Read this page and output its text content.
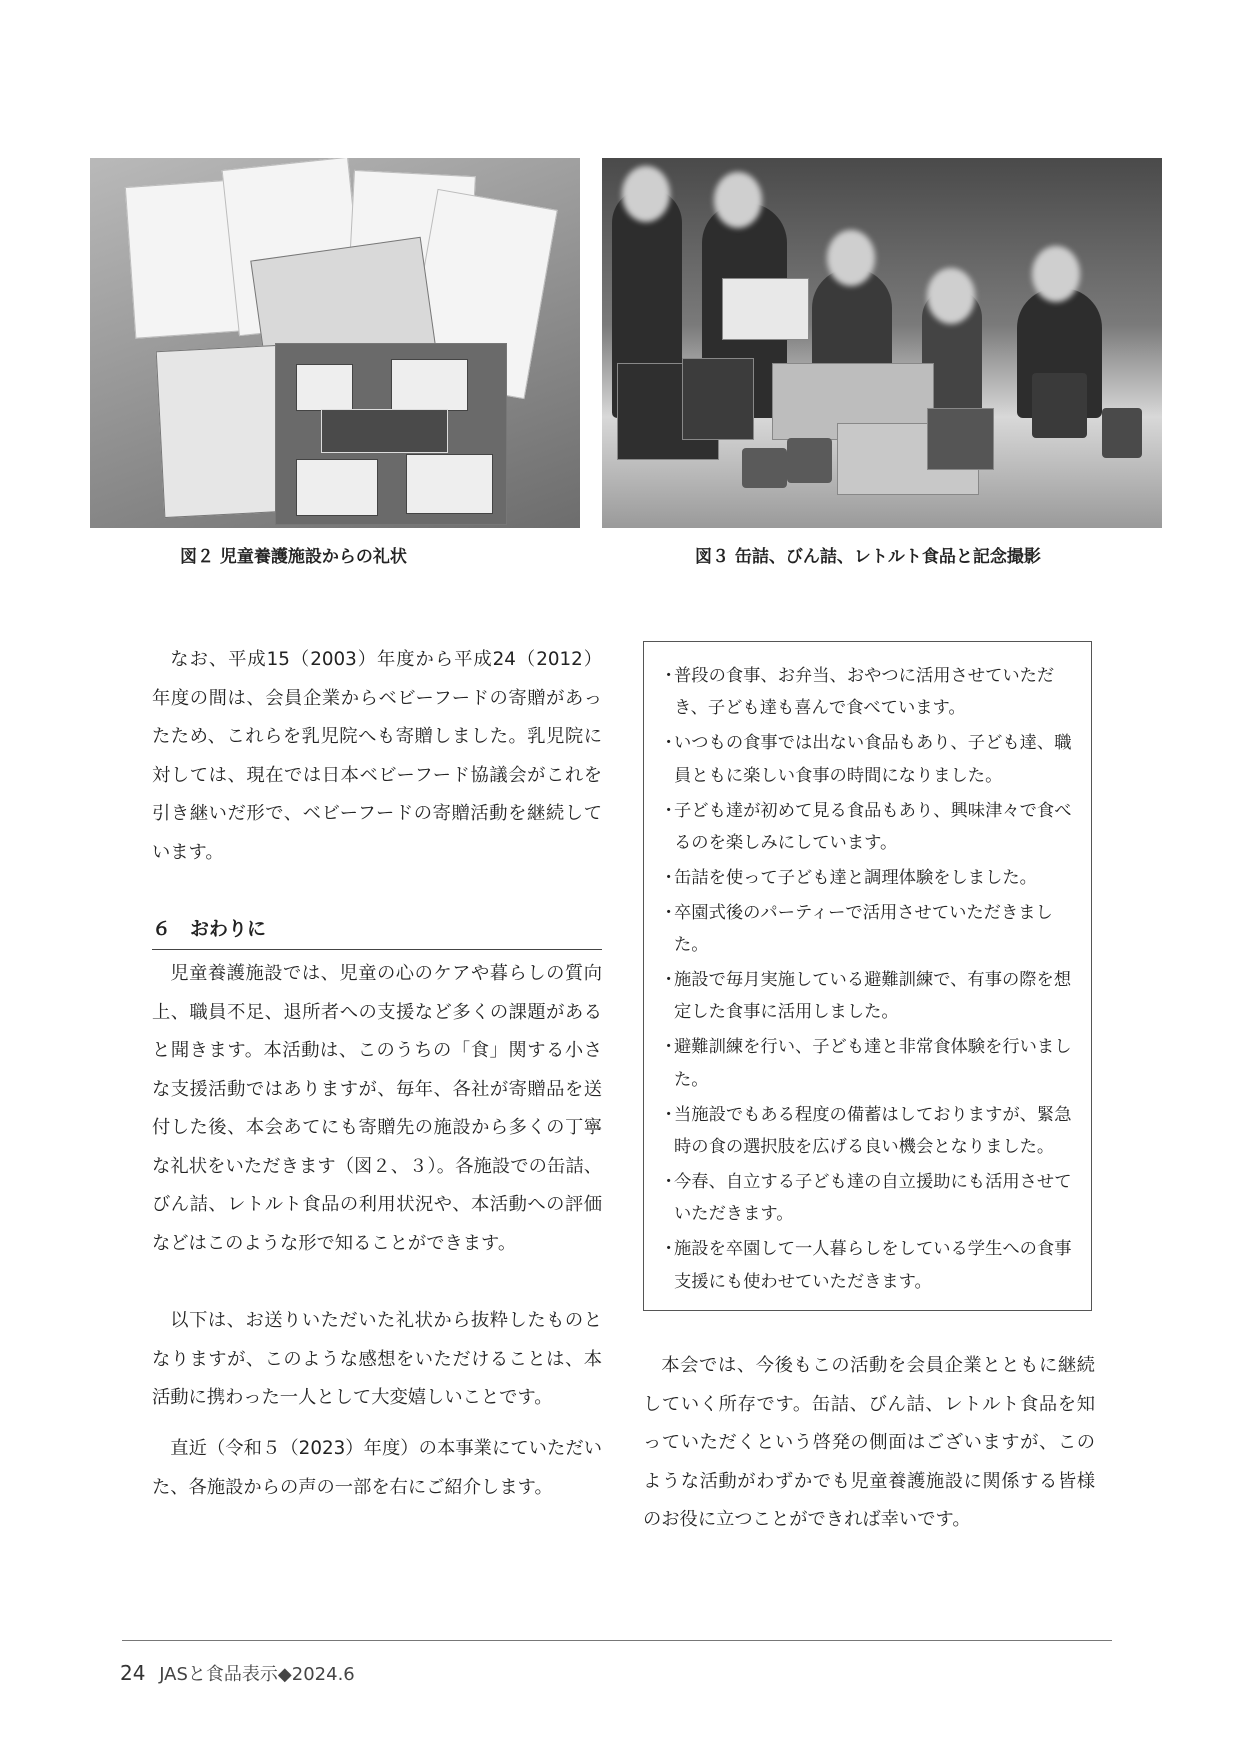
図２ 児童養護施設からの礼状	図３ 缶詰、びん詰、レトルト食品と記念撮影
なお、平成15（2003）年度から平成24（2012）年度の間は、会員企業からベビーフードの寄贈があったため、これらを乳児院へも寄贈しました。乳児院に対しては、現在では日本ベビーフード協議会がこれを引き継いだ形で、ベビーフードの寄贈活動を継続しています。
６　おわりに
児童養護施設では、児童の心のケアや暮らしの質向上、職員不足、退所者への支援など多くの課題があると聞きます。本活動は、このうちの「食」関する小さな支援活動ではありますが、毎年、各社が寄贈品を送付した後、本会あてにも寄贈先の施設から多くの丁寧な礼状をいただきます（図２、３）。各施設での缶詰、びん詰、レトルト食品の利用状況や、本活動への評価などはこのような形で知ることができます。
以下は、お送りいただいた礼状から抜粋したものとなりますが、このような感想をいただけることは、本活動に携わった一人として大変嬉しいことです。
直近（令和５（2023）年度）の本事業にていただいた、各施設からの声の一部を右にご紹介します。
・
普段の食事、お弁当、おやつに活用させていただき、子ども達も喜んで食べています。
・
いつもの食事では出ない食品もあり、子ども達、職員ともに楽しい食事の時間になりました。
・
子ども達が初めて見る食品もあり、興味津々で食べるのを楽しみにしています。
・
缶詰を使って子ども達と調理体験をしました。
・
卒園式後のパーティーで活用させていただきました。
・
施設で毎月実施している避難訓練で、有事の際を想定した食事に活用しました。
・
避難訓練を行い、子ども達と非常食体験を行いました。
・
当施設でもある程度の備蓄はしておりますが、緊急時の食の選択肢を広げる良い機会となりました。
・
今春、自立する子ども達の自立援助にも活用させていただきます。
・
施設を卒園して一人暮らしをしている学生への食事支援にも使わせていただきます。
本会では、今後もこの活動を会員企業とともに継続していく所存です。缶詰、びん詰、レトルト食品を知っていただくという啓発の側面はございますが、このような活動がわずかでも児童養護施設に関係する皆様のお役に立つことができれば幸いです。
24 JASと食品表示◆2024.6
